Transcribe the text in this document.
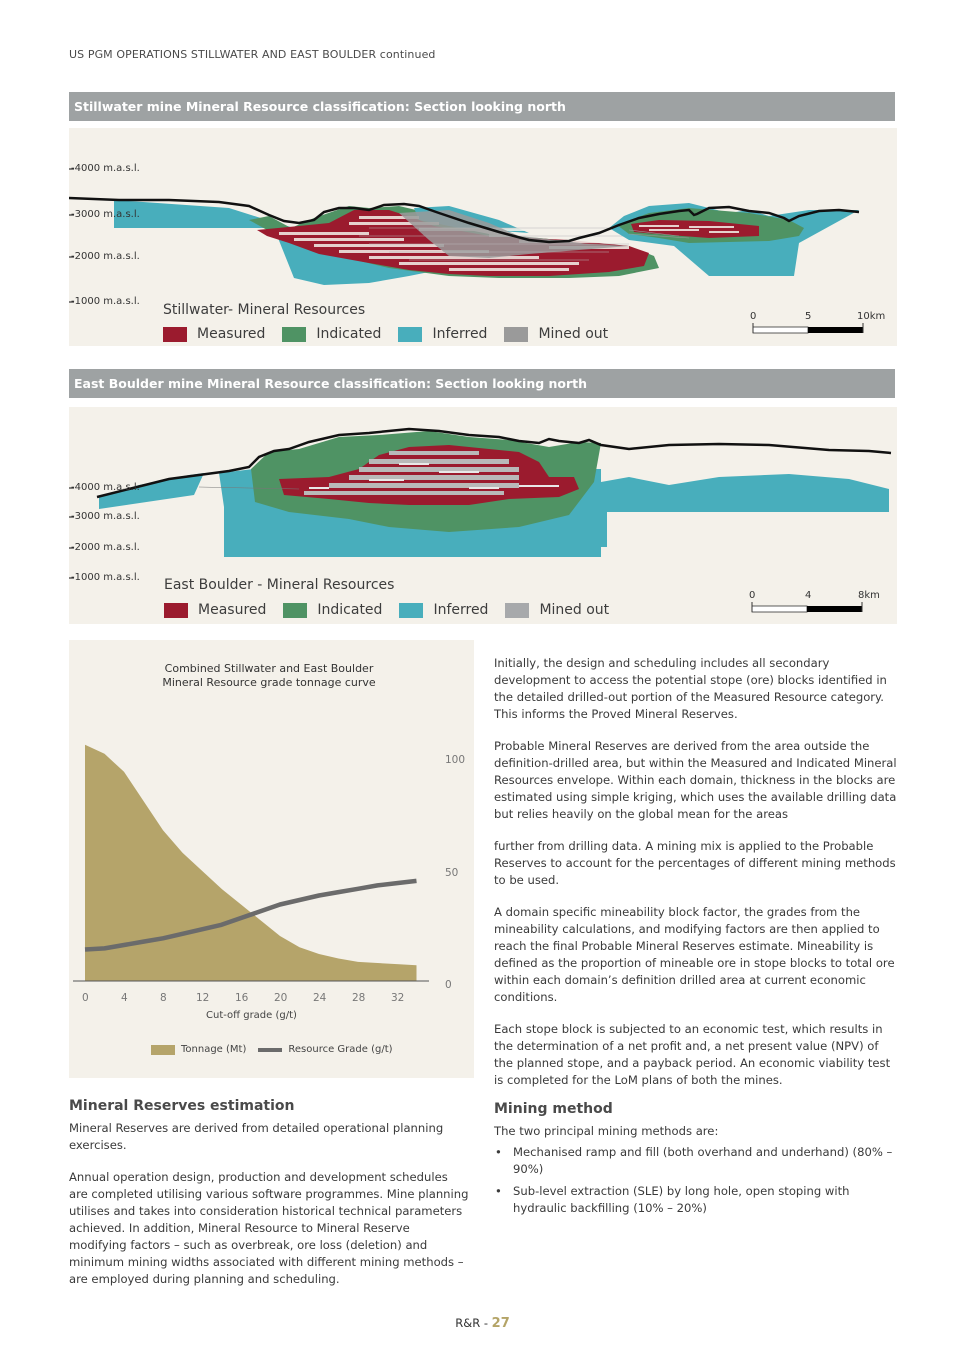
US PGM OPERATIONS STILLWATER AND EAST BOULDER continued
Stillwater mine Mineral Resource classification: Section looking north
-4000 m.a.s.l.
-3000 m.a.s.l.
-2000 m.a.s.l.
-1000 m.a.s.l.
Stillwater- Mineral Resources
Measured	Indicated	Inferred	Mined out
0	5	10km
East Boulder mine Mineral Resource classification: Section looking north
-4000 m.a.s.l.
-3000 m.a.s.l.
-2000 m.a.s.l.
-1000 m.a.s.l. East Boulder - Mineral Resources
Measured	Indicated	Inferred	Mined out
0	4	8km
Combined Stillwater and East Boulder
Mineral Resource grade tonnage curve
0
50
100
0	4	8	12 16 20 24 28 32
Cut-off grade (g/t)
Tonnage (Mt)	Resource Grade (g/t)

Initially, the design and scheduling includes all secondary development to access the potential stope (ore) blocks identified in the detailed drilled-out portion of the Measured Resource category. This informs the Proved Mineral Reserves.

Probable Mineral Reserves are derived from the area outside the definition-drilled area, but within the Measured and Indicated Mineral Resources envelope. Within each domain, thickness in the blocks are estimated using simple kriging, which uses the available drilling data but relies heavily on the global mean for the areas

further from drilling data. A mining mix is applied to the Probable Reserves to account for the percentages of different mining methods to be used.

A domain specific mineability block factor, the grades from the mineability calculations, and modifying factors are then applied to reach the final Probable Mineral Reserves estimate. Mineability is defined as the proportion of mineable ore in stope blocks to total ore within each domain’s definition drilled area at current economic conditions.

Each stope block is subjected to an economic test, which results in the determination of a net profit and, a net present value (NPV) of the planned stope, and a payback period. An economic viability test is completed for the LoM plans of both the mines.

Mining method
The two principal mining methods are:
• Mechanised ramp and fill (both overhand and underhand) (80% – 90%)
• Sub-level extraction (SLE) by long hole, open stoping with hydraulic backfilling (10% – 20%)
Mineral Reserves estimation

Mineral Reserves are derived from detailed operational planning exercises.

Annual operation design, production and development schedules are completed utilising various software programmes. Mine planning utilises and takes into consideration historical technical parameters achieved. In addition, Mineral Resource to Mineral Reserve modifying factors – such as overbreak, ore loss (deletion) and minimum mining widths associated with different mining methods – are employed during planning and scheduling.

R&R - 27
